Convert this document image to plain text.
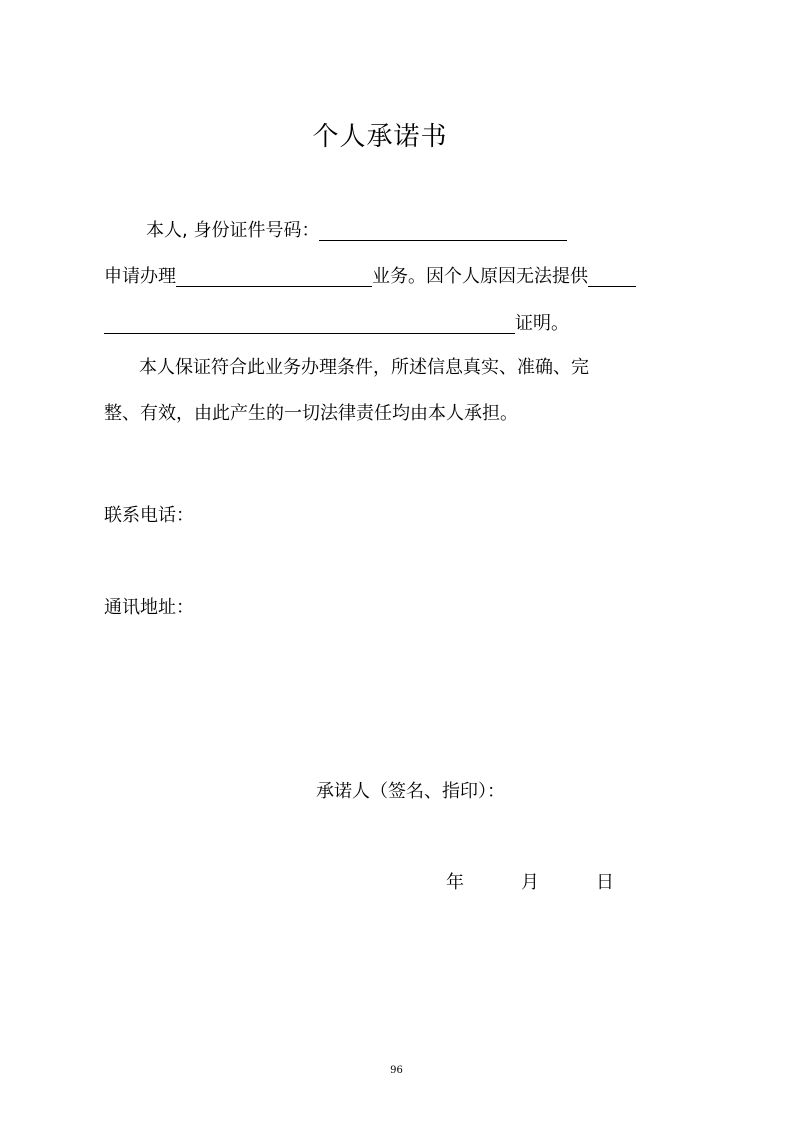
个人承诺书
本人, 身份证件号码：
申请办理	业务。因个人原因无法提供
证明。
本人保证符合此业务办理条件，所述信息真实、准确、完
整、有效，由此产生的一切法律责任均由本人承担。
联系电话：
通讯地址：
承诺人（签名、指印）：
年	月	日
96
